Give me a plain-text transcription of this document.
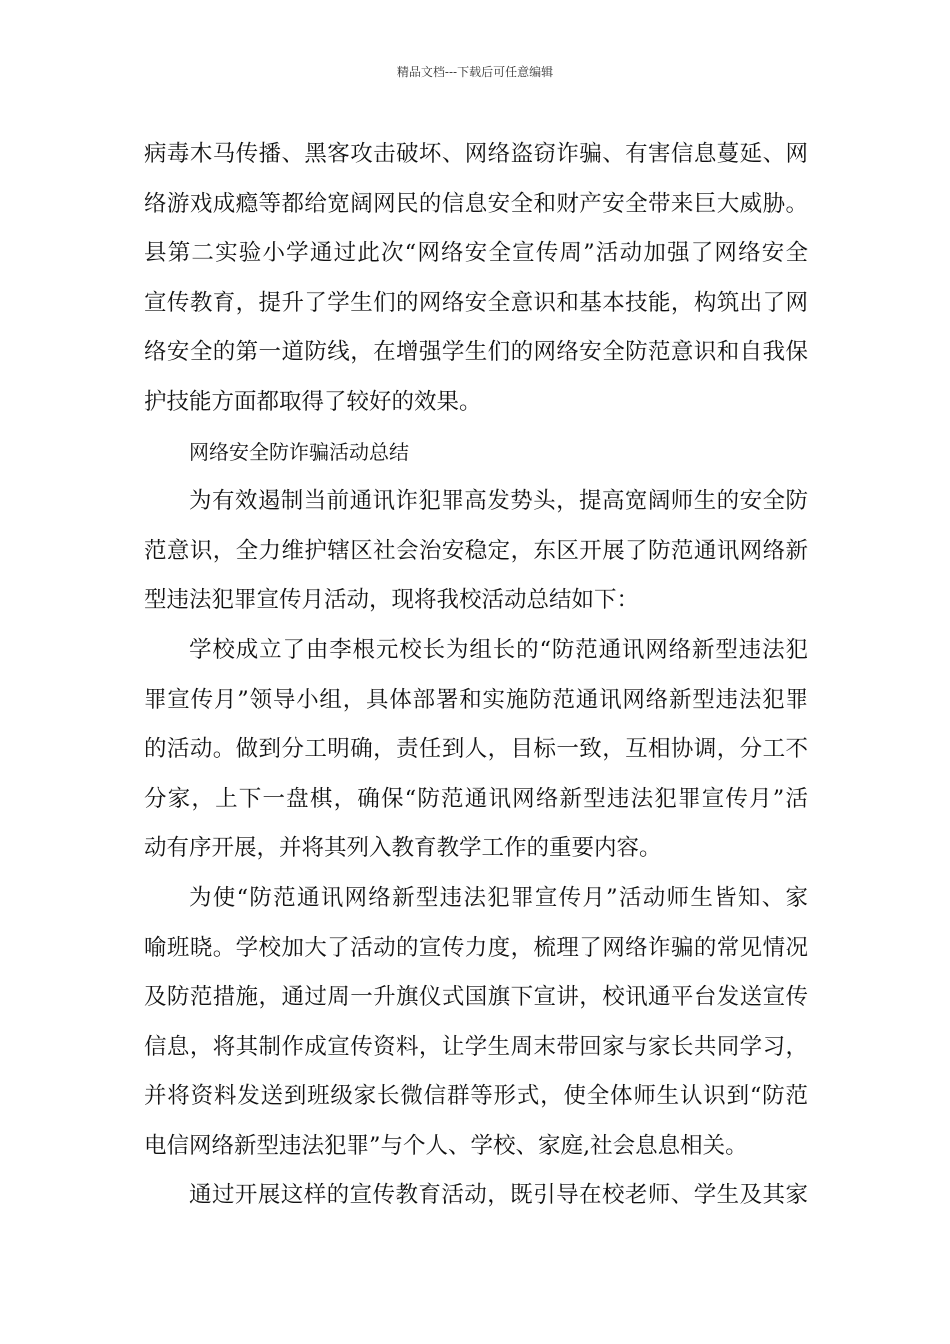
精品文档---下载后可任意编辑
病毒木马传播、黑客攻击破坏、网络盗窃诈骗、有害信息蔓延、网
络游戏成瘾等都给宽阔网民的信息安全和财产安全带来巨大威胁。
县第二实验小学通过此次“网络安全宣传周”活动加强了网络安全
宣传教育，提升了学生们的网络安全意识和基本技能，构筑出了网
络安全的第一道防线，在增强学生们的网络安全防范意识和自我保
护技能方面都取得了较好的效果。
网络安全防诈骗活动总结
为有效遏制当前通讯诈犯罪高发势头，提高宽阔师生的安全防
范意识，全力维护辖区社会治安稳定，东区开展了防范通讯网络新
型违法犯罪宣传月活动，现将我校活动总结如下：
学校成立了由李根元校长为组长的“防范通讯网络新型违法犯
罪宣传月”领导小组，具体部署和实施防范通讯网络新型违法犯罪
的活动。做到分工明确，责任到人，目标一致，互相协调，分工不
分家，上下一盘棋，确保“防范通讯网络新型违法犯罪宣传月”活
动有序开展，并将其列入教育教学工作的重要内容。
为使“防范通讯网络新型违法犯罪宣传月”活动师生皆知、家
喻班晓。学校加大了活动的宣传力度，梳理了网络诈骗的常见情况
及防范措施，通过周一升旗仪式国旗下宣讲，校讯通平台发送宣传
信息，将其制作成宣传资料，让学生周末带回家与家长共同学习，
并将资料发送到班级家长微信群等形式，使全体师生认识到“防范
电信网络新型违法犯罪”与个人、学校、家庭,社会息息相关。
通过开展这样的宣传教育活动，既引导在校老师、学生及其家
